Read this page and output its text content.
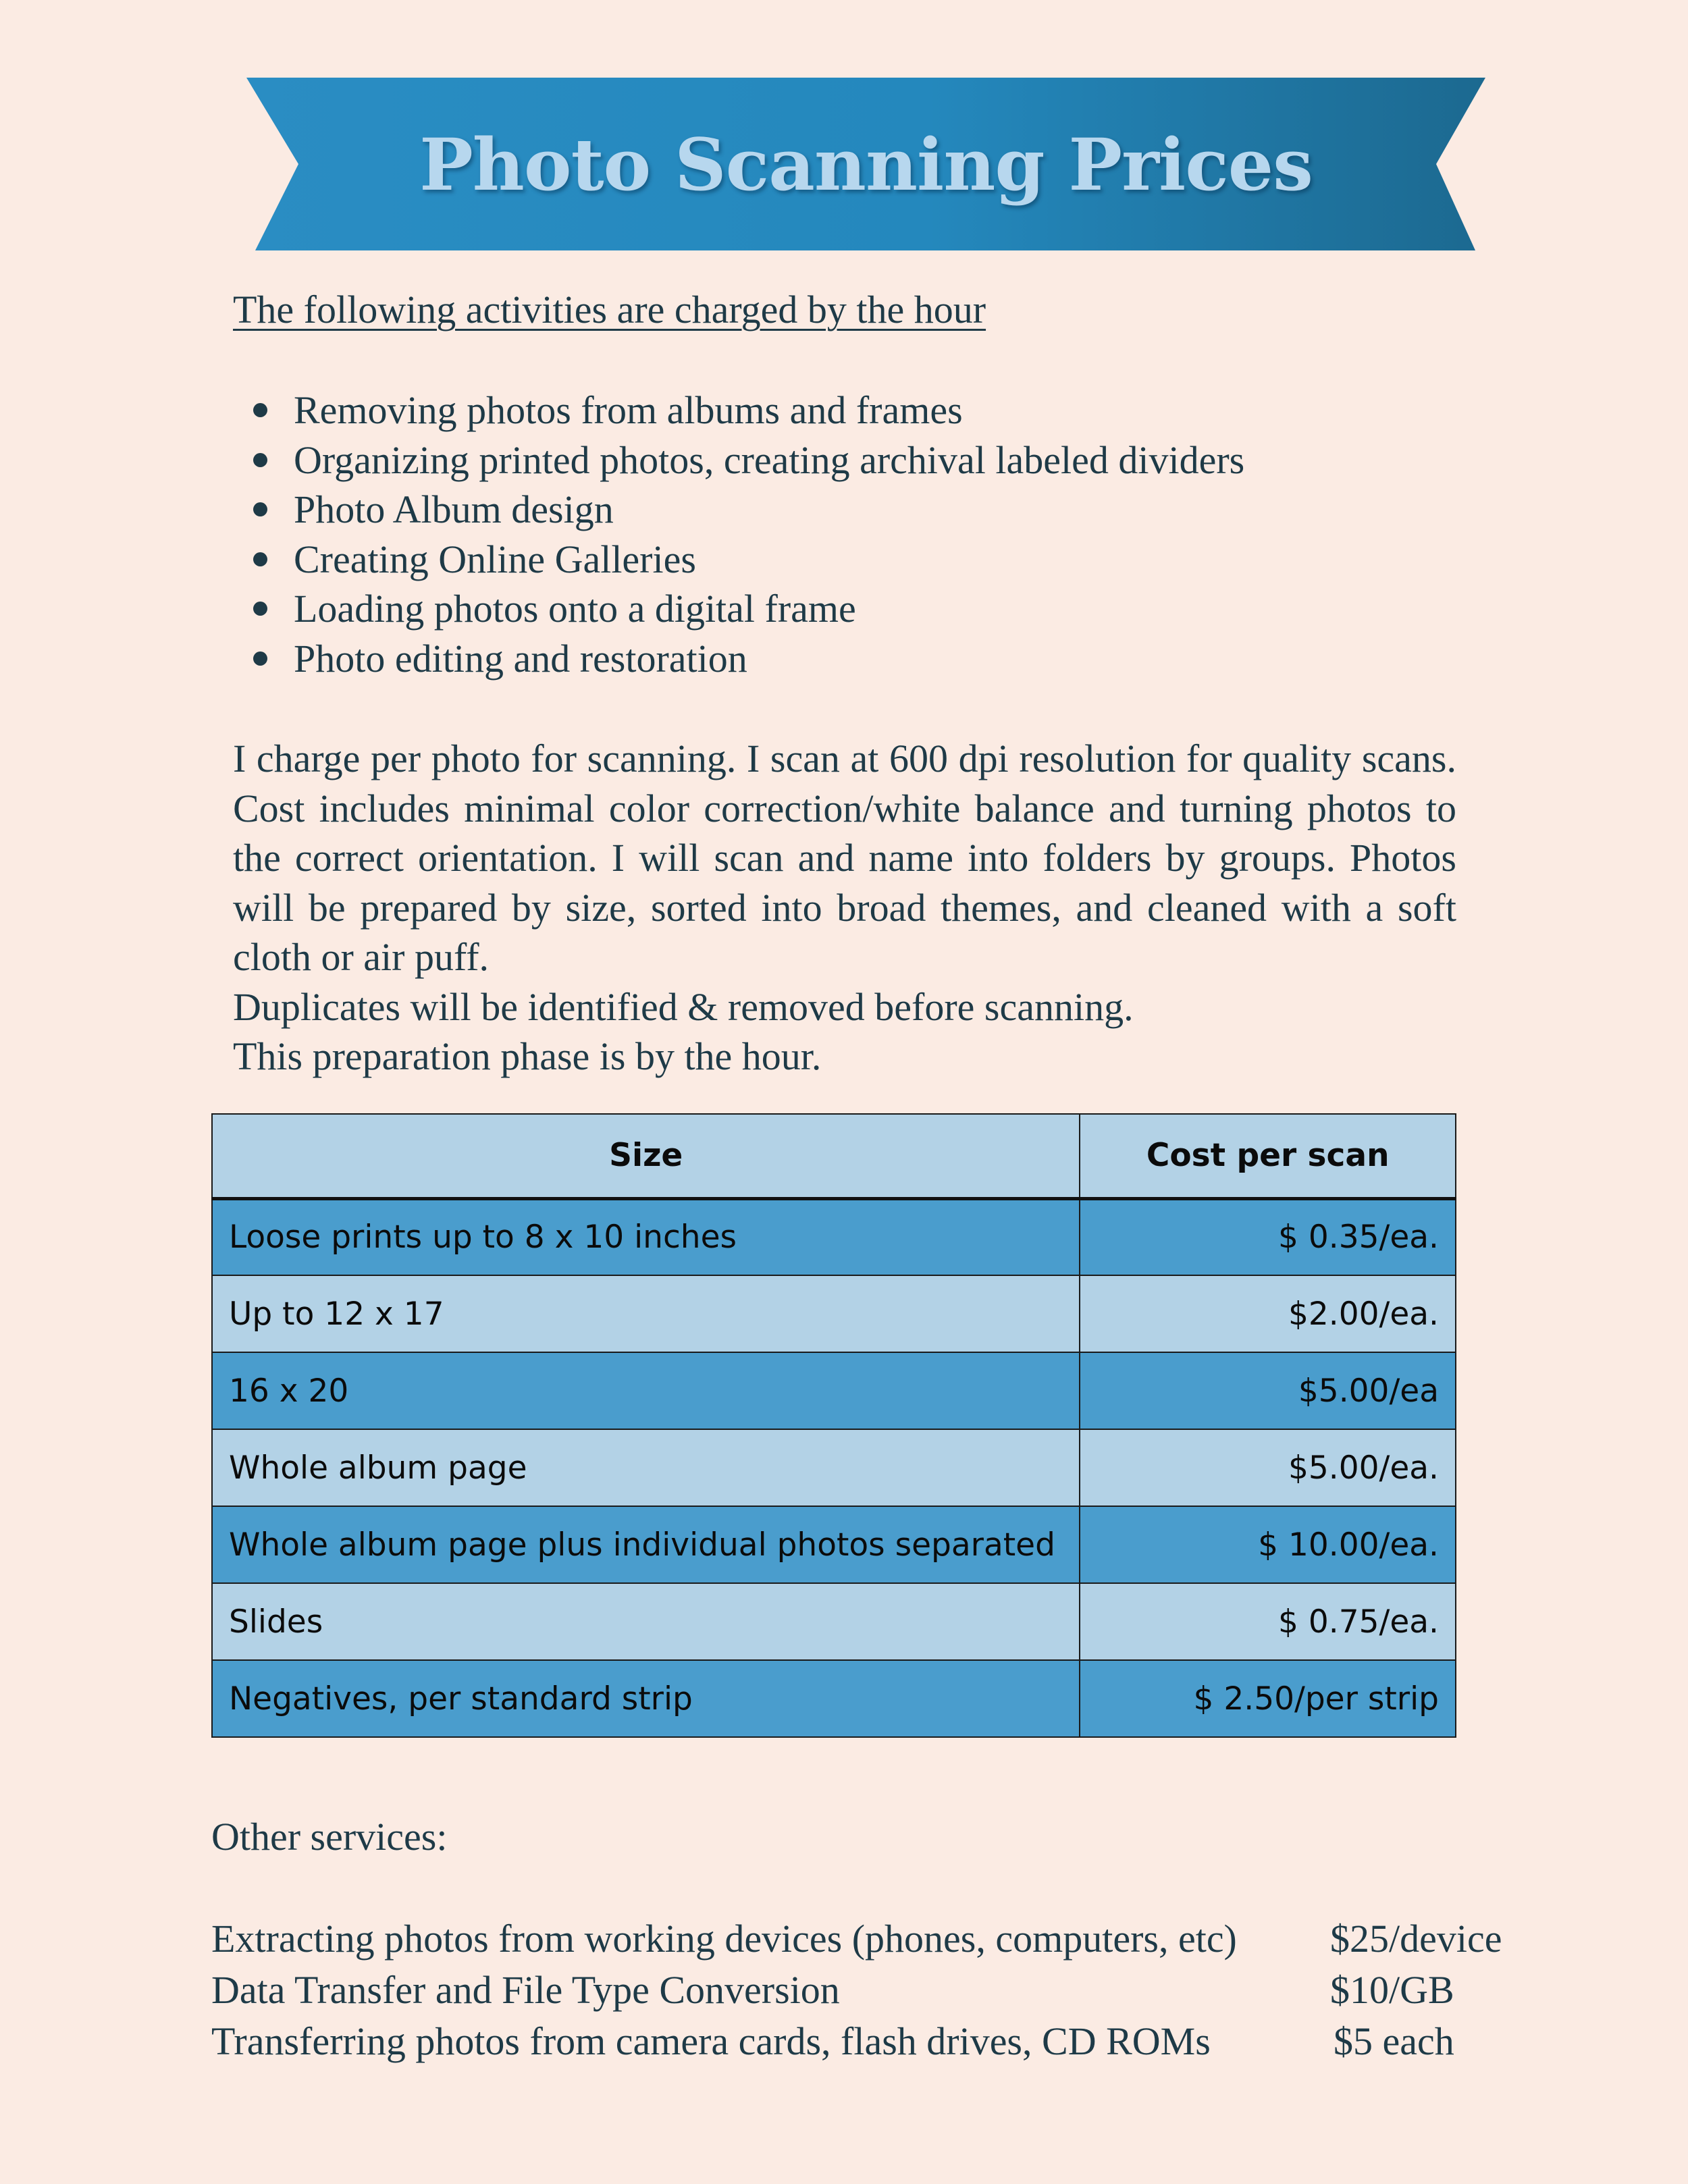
Photo Scanning Prices
The following activities are charged by the hour
Removing photos from albums and frames
Organizing printed photos, creating archival labeled dividers
Photo Album design
Creating Online Galleries
Loading photos onto a digital frame
Photo editing and restoration

I charge per photo for scanning. I scan at 600 dpi resolution for quality scans. Cost includes minimal color correction/white balance and turning photos to the correct orientation. I will scan and name into folders by groups. Photos will be prepared by size, sorted into broad themes, and cleaned with a soft cloth or air puff.

Duplicates will be identified & removed before scanning.
This preparation phase is by the hour.
Size	Cost per scan
Loose prints up to 8 x 10 inches	$ 0.35/ea.
Up to 12 x 17	$2.00/ea.
16 x 20	$5.00/ea
Whole album page	$5.00/ea.
Whole album page plus individual photos separated	$ 10.00/ea.
Slides	$ 0.75/ea.
Negatives, per standard strip	$ 2.50/per strip
Other services:
Extracting photos from working devices (phones, computers, etc) $25/device
Data Transfer and File Type Conversion	$10/GB
Transferring photos from camera cards, flash drives, CD ROMs	$5 each
